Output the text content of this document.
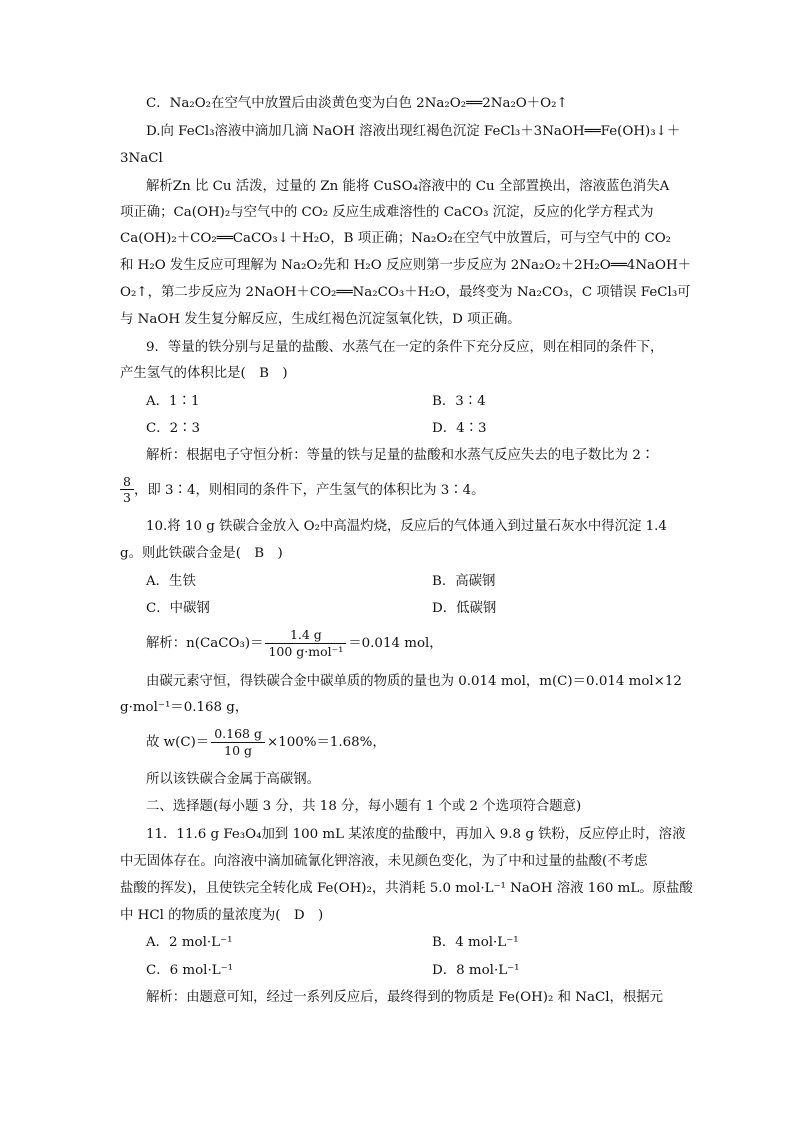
C．Na₂O₂在空气中放置后由淡黄色变为白色 2Na₂O₂══2Na₂O＋O₂↑
D.向 FeCl₃溶液中滴加几滴 NaOH 溶液出现红褐色沉淀 FeCl₃＋3NaOH══Fe(OH)₃↓＋
3NaCl
解析Zn 比 Cu 活泼，过量的 Zn 能将 CuSO₄溶液中的 Cu 全部置换出，溶液蓝色消失A
项正确；Ca(OH)₂与空气中的 CO₂ 反应生成难溶性的 CaCO₃ 沉淀，反应的化学方程式为
Ca(OH)₂＋CO₂══CaCO₃↓＋H₂O，B 项正确；Na₂O₂在空气中放置后，可与空气中的 CO₂
和 H₂O 发生反应可理解为 Na₂O₂先和 H₂O 反应则第一步反应为 2Na₂O₂＋2H₂O══4NaOH＋
O₂↑，第二步反应为 2NaOH＋CO₂══Na₂CO₃＋H₂O，最终变为 Na₂CO₃，C 项错误 FeCl₃可
与 NaOH 发生复分解反应，生成红褐色沉淀氢氧化铁，D 项正确。
9．等量的铁分别与足量的盐酸、水蒸气在一定的条件下充分反应，则在相同的条件下，
产生氢气的体积比是(　B　)
A．1∶1	B．3∶4
C．2∶3	D．4∶3
解析：根据电子守恒分析：等量的铁与足量的盐酸和水蒸气反应失去的电子数比为 2∶
$\frac{8}{3}$ ，即 3∶4，则相同的条件下，产生氢气的体积比为 3∶4。
10.将 10 g 铁碳合金放入 O₂中高温灼烧，反应后的气体通入到过量石灰水中得沉淀 1.4
g。则此铁碳合金是(　B　)
A．生铁	B．高碳钢
C．中碳钢	D．低碳钢
解析：n(CaCO₃)＝ $\frac{1.4 g}{\text{100 g·mol⁻¹}} =0.014$ mol，
由碳元素守恒，得铁碳合金中碳单质的物质的量也为 0.014 mol，m(C)＝0.014 mol×12
g·mol⁻¹＝0.168 g，
故 $w(C)= \frac{0.168 g}{10 g} \times 100\%=1.68\%$，
所以该铁碳合金属于高碳钢。
二、选择题(每小题 3 分，共 18 分，每小题有 1 个或 2 个选项符合题意)
11．11.6 g Fe₃O₄加到 100 mL 某浓度的盐酸中，再加入 9.8 g 铁粉，反应停止时，溶液
中无固体存在。向溶液中滴加硫氰化钾溶液，未见颜色变化，为了中和过量的盐酸(不考虑
盐酸的挥发)，且使铁完全转化成 Fe(OH)₂，共消耗 5.0 mol·L⁻¹ NaOH 溶液 160 mL。原盐酸
中 HCl 的物质的量浓度为(　D　)
A．2 mol·L⁻¹	B．4 mol·L⁻¹
C．6 mol·L⁻¹	D．8 mol·L⁻¹
解析：由题意可知，经过一系列反应后，最终得到的物质是 Fe(OH)₂ 和 NaCl，根据元
